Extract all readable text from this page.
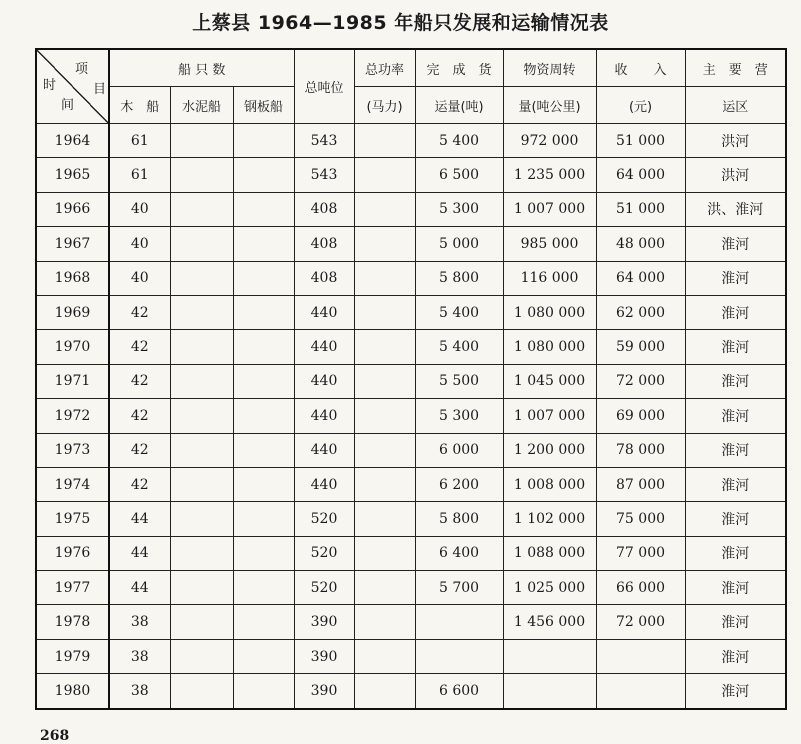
上蔡县 1964—1985 年船只发展和运输情况表
项
目
时
间	船 只 数			总吨位	总功率	完　成　货	物资周转	收　　入	主　要　营
	木　船	水泥船	钢板船		(马力)	运量(吨)	量(吨公里)	(元)	运区
1964	61			543		5 400	972 000	51 000	洪河
1965	61			543		6 500	1 235 000	64 000	洪河
1966	40			408		5 300	1 007 000	51 000	洪、淮河
1967	40			408		5 000	985 000	48 000	淮河
1968	40			408		5 800	116 000	64 000	淮河
1969	42			440		5 400	1 080 000	62 000	淮河
1970	42			440		5 400	1 080 000	59 000	淮河
1971	42			440		5 500	1 045 000	72 000	淮河
1972	42			440		5 300	1 007 000	69 000	淮河
1973	42			440		6 000	1 200 000	78 000	淮河
1974	42			440		6 200	1 008 000	87 000	淮河
1975	44			520		5 800	1 102 000	75 000	淮河
1976	44			520		6 400	1 088 000	77 000	淮河
1977	44			520		5 700	1 025 000	66 000	淮河
1978	38			390			1 456 000	72 000	淮河
1979	38			390					淮河
1980	38			390		6 600			淮河
268
